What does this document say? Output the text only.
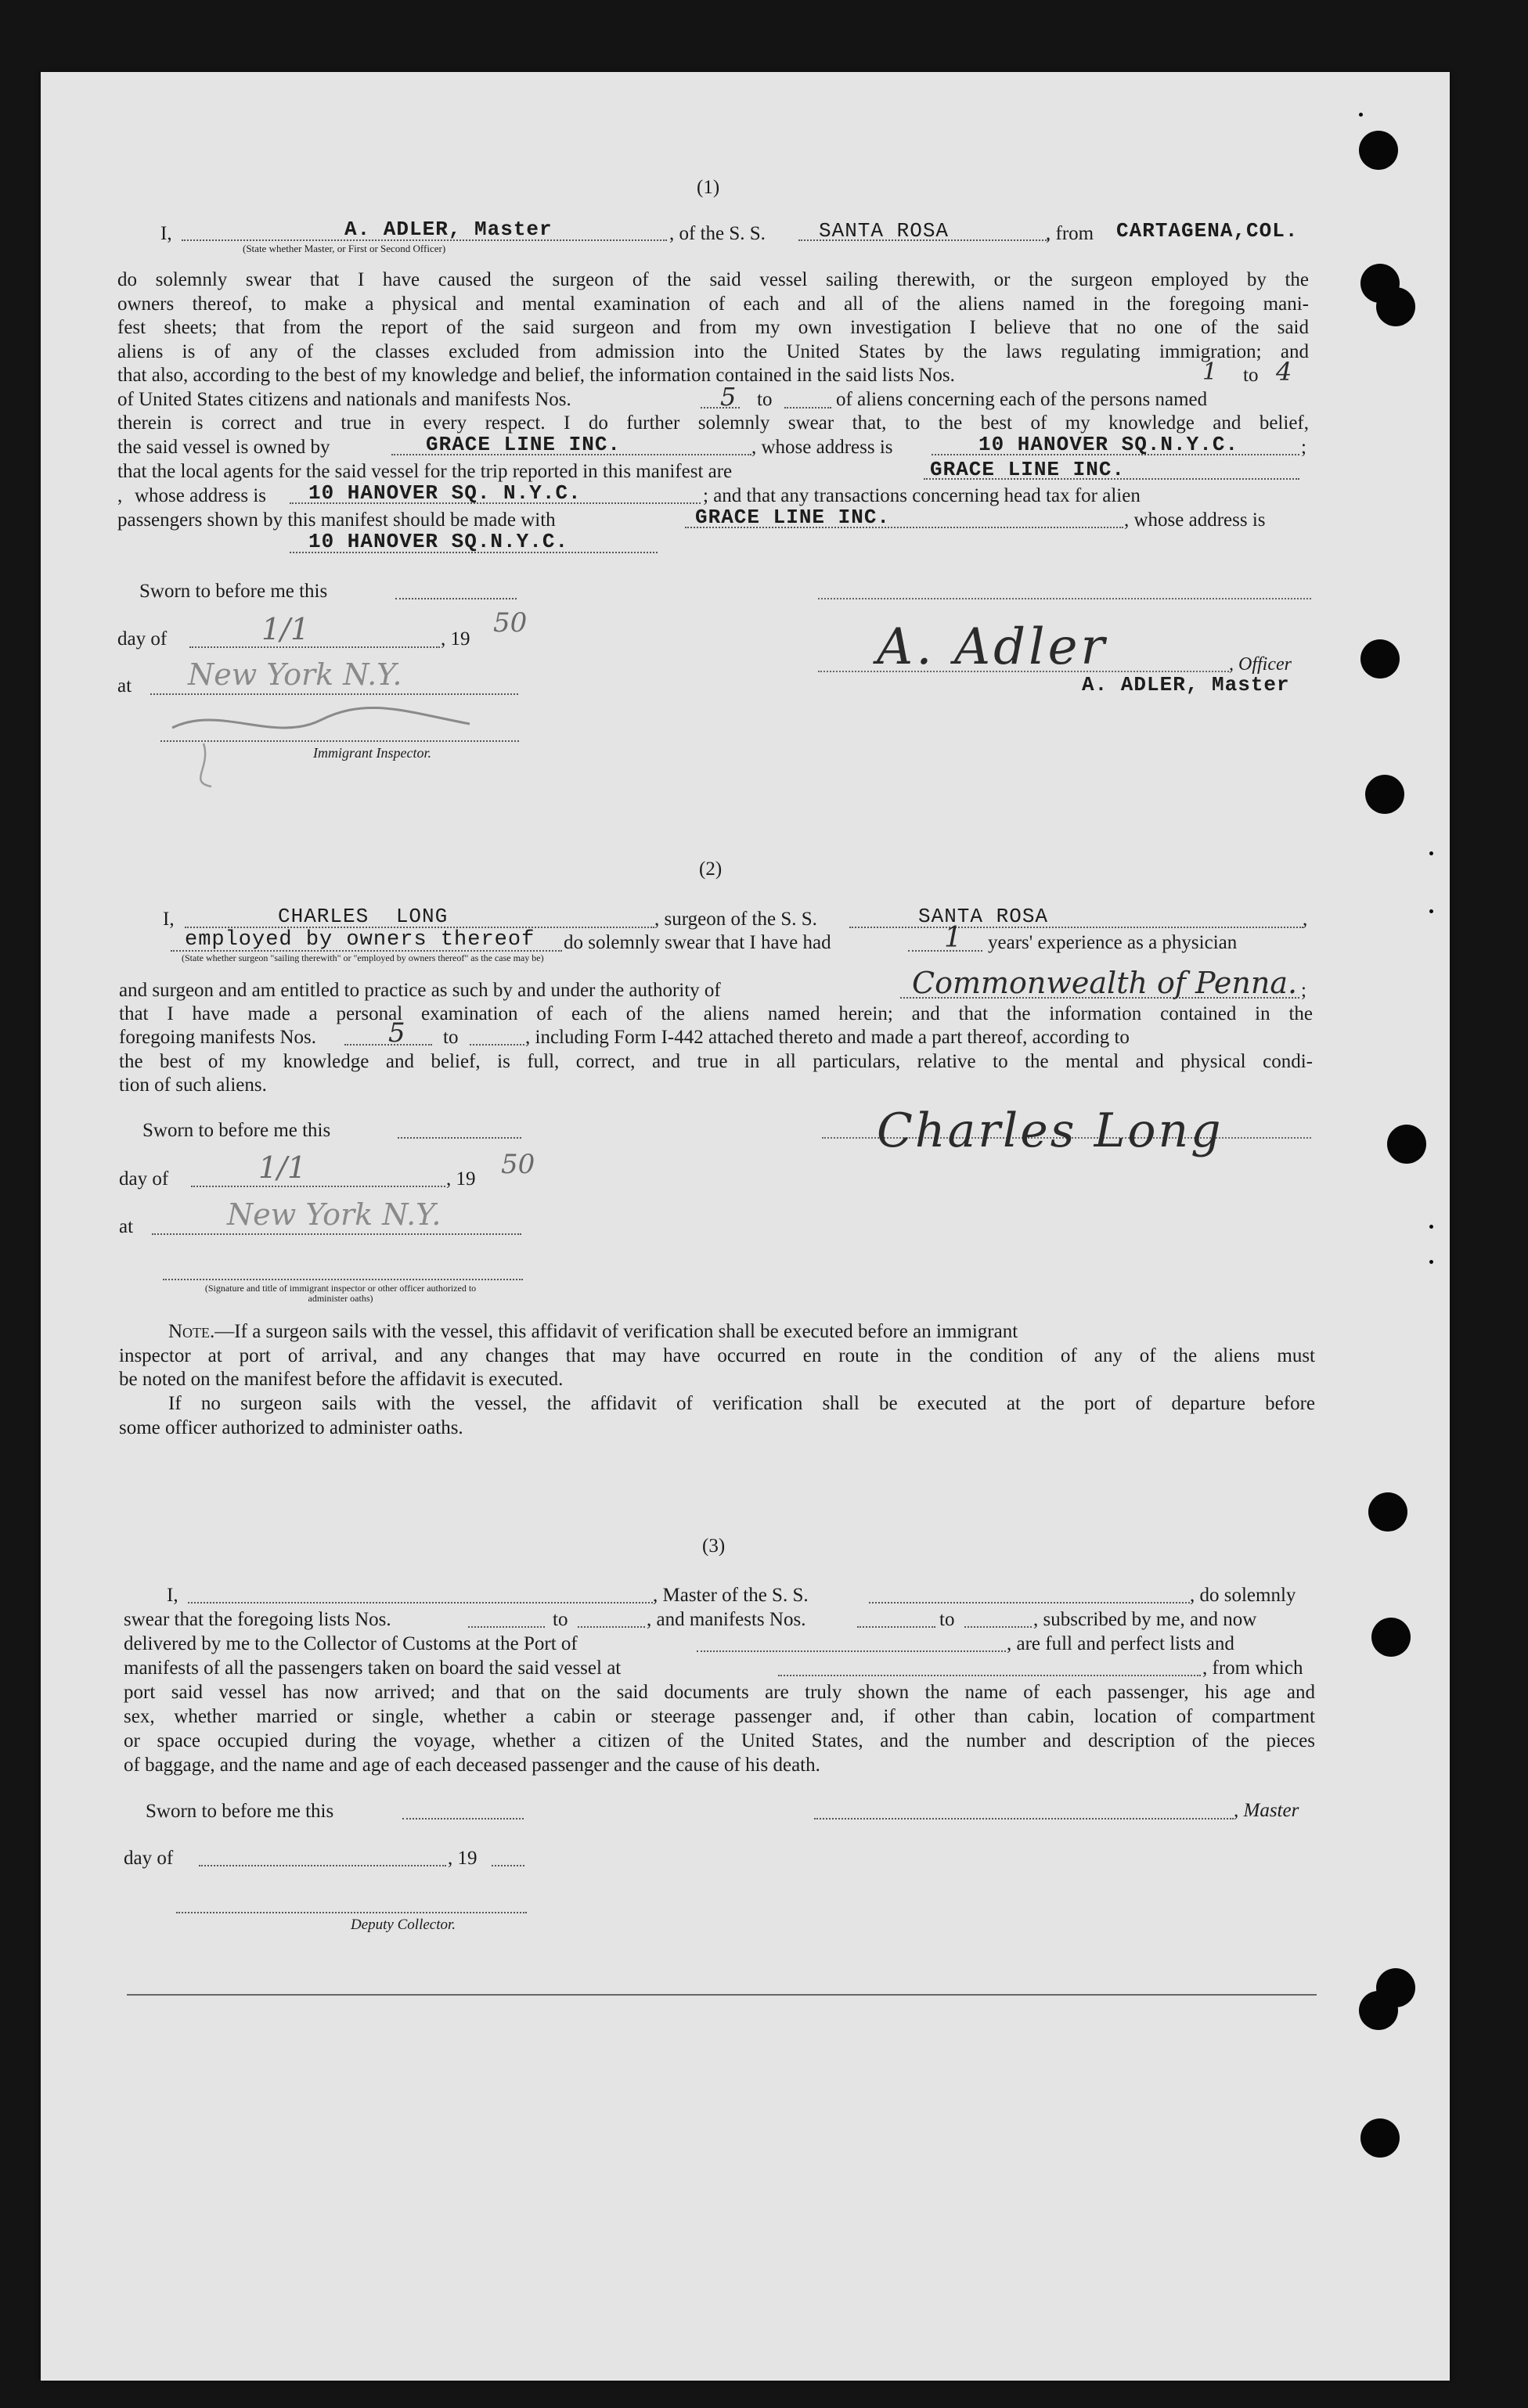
(1)
I,	A. ADLER, Master
(State whether Master, or First or Second Officer)
, of the S. S.	SANTA ROSA	, from CARTAGENA,COL.
do solemnly swear that I have caused the surgeon of the said vessel sailing therewith, or the surgeon employed by the
owners thereof, to make a physical and mental examination of each and all of the aliens named in the foregoing mani-
fest sheets; that from the report of the said surgeon and from my own investigation I believe that no one of the said
aliens is of any of the classes excluded from admission into the United States by the laws regulating immigration; and
that also, according to the best of my knowledge and belief, the information contained in the said lists Nos.	1 to 4
of United States citizens and nationals and manifests Nos.	5 to	of aliens concerning each of the persons named
therein is correct and true in every respect. I do further solemnly swear that, to the best of my knowledge and belief,
the said vessel is owned by	GRACE LINE INC.	, whose address is	10 HANOVER SQ.N.Y.C.	;
that the local agents for the said vessel for the trip reported in this manifest are	GRACE LINE INC.
, whose address is 10 HANOVER SQ. N.Y.C.	; and that any transactions concerning head tax for alien
passengers shown by this manifest should be made with	GRACE LINE INC.	, whose address is
10 HANOVER SQ.N.Y.C.
Sworn to before me this
day of	1/1	, 19
50
at New York N.Y.
Immigrant Inspector.
A. Adler	, Officer
A. ADLER, Master
(2)
I,	CHARLES LONG	, surgeon of the S. S.	SANTA ROSA	,
employed by owners thereof
(State whether surgeon "sailing therewith" or "employed by owners thereof" as the case may be)
do solemnly swear that I have had	1 years' experience as a physician
and surgeon and am entitled to practice as such by and under the authority of	Commonwealth of Penna. ;
that I have made a personal examination of each of the aliens named herein; and that the information contained in the
foregoing manifests Nos.	5 to	, including Form I-442 attached thereto and made a part thereof, according to
the best of my knowledge and belief, is full, correct, and true in all particulars, relative to the mental and physical condi-
tion of such aliens.
Sworn to before me this
day of	1/1	, 19 50
at	New York N.Y.
(Signature and title of immigrant inspector or other officer authorized to administer oaths)
Charles Long
Note.—If a surgeon sails with the vessel, this affidavit of verification shall be executed before an immigrant
inspector at port of arrival, and any changes that may have occurred en route in the condition of any of the aliens must
be noted on the manifest before the affidavit is executed.
If no surgeon sails with the vessel, the affidavit of verification shall be executed at the port of departure before
some officer authorized to administer oaths.
(3)
I,	, Master of the S. S.	, do solemnly
swear that the foregoing lists Nos.	to	, and manifests Nos.	to	, subscribed by me, and now
delivered by me to the Collector of Customs at the Port of	, are full and perfect lists and
manifests of all the passengers taken on board the said vessel at	, from which
port said vessel has now arrived; and that on the said documents are truly shown the name of each passenger, his age and
sex, whether married or single, whether a cabin or steerage passenger and, if other than cabin, location of compartment
or space occupied during the voyage, whether a citizen of the United States, and the number and description of the pieces
of baggage, and the name and age of each deceased passenger and the cause of his death.
Sworn to before me this	, Master
day of	, 19
Deputy Collector.
